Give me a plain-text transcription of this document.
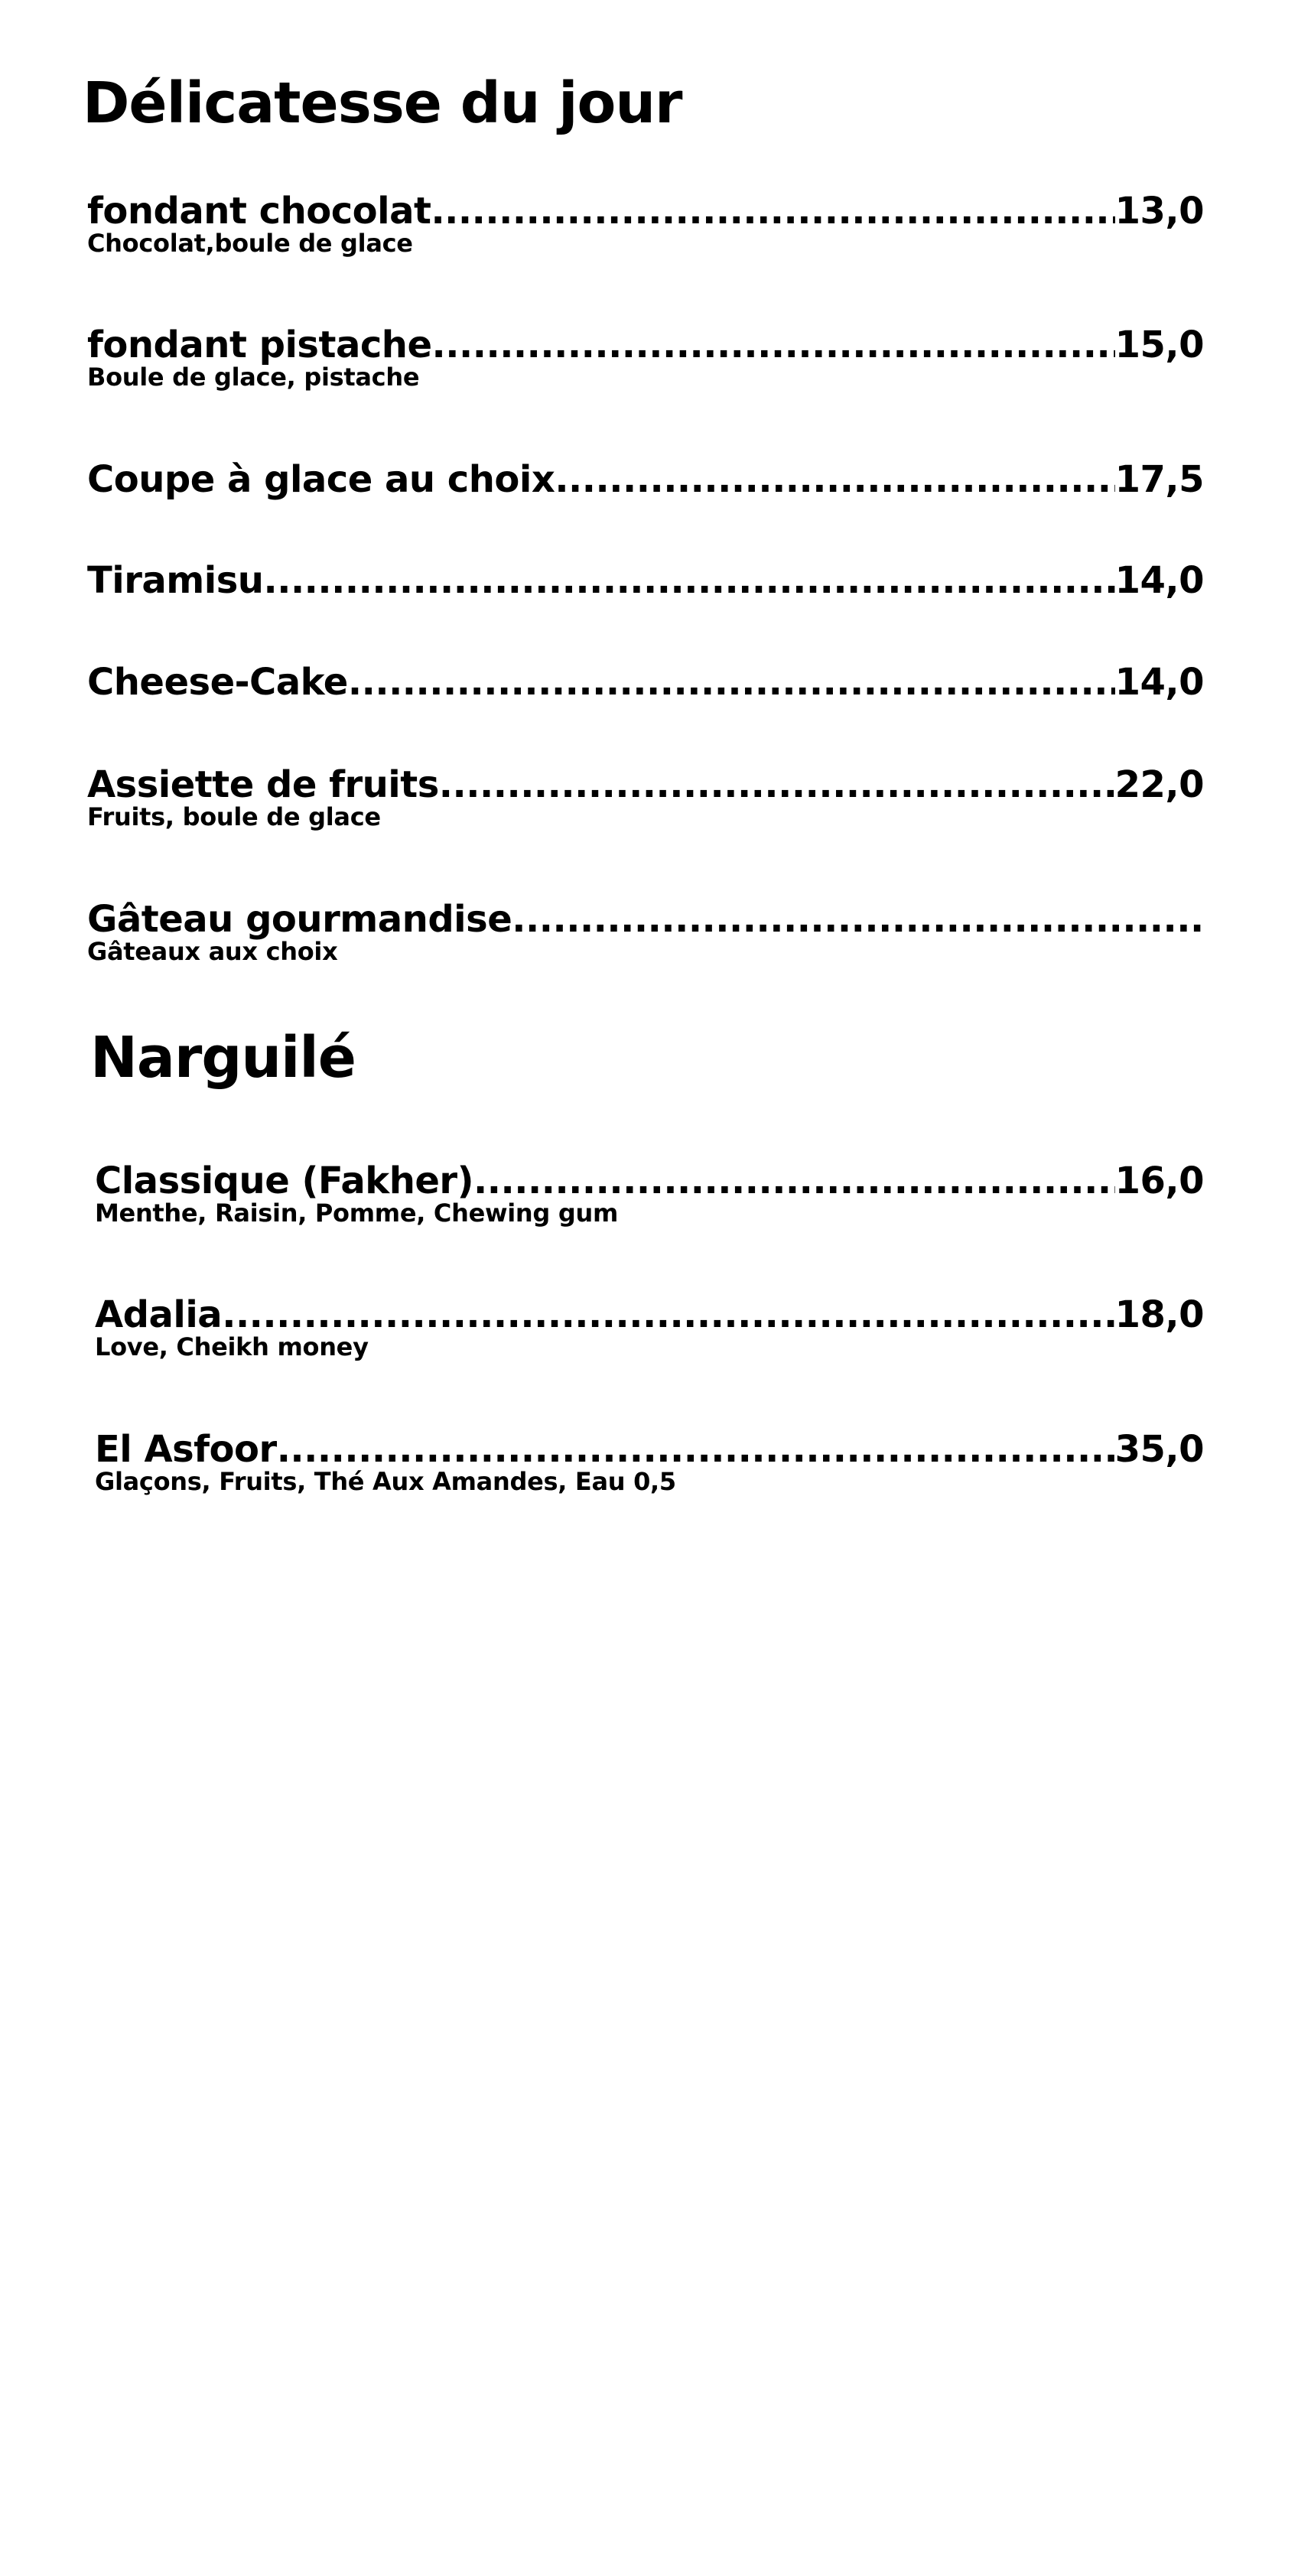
Délicatesse du jour
fondant chocolat .....	13,0
Chocolat,boule de glace
fondant pistache .....	15,0
Boule de glace, pistache
Coupe à glace au choix .....	17,5
Tiramisu .....	14,0
Cheese-Cake .....	14,0
Assiette de fruits .....	22,0
Fruits, boule de glace
Gâteau gourmandise
.....
Gâteaux aux choix
Narguilé
Classique (Fakher) .....	16,0
Menthe, Raisin, Pomme, Chewing gum
Adalia .....	18,0
Love, Cheikh money
El Asfoor .....	35,0
Glaçons, Fruits, Thé Aux Amandes, Eau 0,5
